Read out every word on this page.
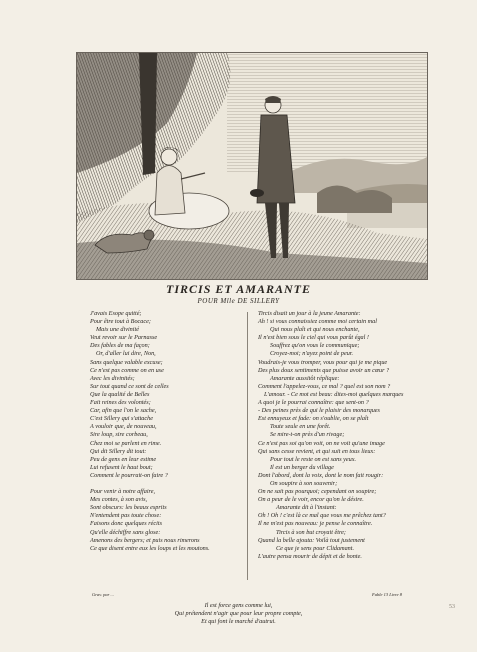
TIRCIS ET AMARANTE
POUR Mlle DE SILLERY
J'avais Esope quitté;
Pour être tout à Bocace;
Mais une divinité
Veut revoir sur le Parnasse
Des fables de ma façon;
Or, d'aller lui dire, Non,
Sans quelque valable excuse;
Ce n'est pas comme on en use
Avec les divinités;
Sur tout quand ce sont de celles
Que la qualité de Belles
Fait reines des volontés;
Car, afin que l'on le sache,
C'est Sillery qui s'attache
A vouloir que, de nouveau,
Sire loup, sire corbeau,
Chez moi se parlent en rime.
Qui dit Sillery dit tout:
Peu de gens en leur estime
Lui refusent le haut bout;
Comment le pourrait-on faire ?
Pour venir à notre affaire,
Mes contes, à son avis,
Sont obscurs: les beaux esprits
N'entendent pas toute chose:
Faisons donc quelques récits
Qu'elle déchiffre sans glose:
Amenons des bergers; et puis nous rimerons
Ce que disent entre eux les loups et les moutons.
Tircis disait un jour à la jeune Amarante:
Ah ! si vous connaissiez comme moi certain mal
Qui nous plaît et qui nous enchante,
Il n'est bien sous le ciel qui vous parût égal !
Souffrez qu'on vous le communique;
Croyez-moi; n'ayez point de peur.
Voudrais-je vous tromper, vous pour qui je me pique
Des plus doux sentiments que puisse avoir un cœur ?
Amarante aussitôt réplique:
Comment l'appelez-vous, ce mal ? quel est son nom ?
L'amour. - Ce mot est beau: dites-moi quelques marques
A quoi je le pourrai connaître: que sent-on ?
- Des peines près de qui le plaisir des monarques
Est ennuyeux et fade: on s'oublie, on se plaît
Toute seule en une forêt.
Se mire-t-on près d'un rivage;
Ce n'est pas soi qu'on voit, on ne voit qu'une image
Qui sans cesse revient, et qui suit en tous lieux:
Pour tout le reste on est sans yeux.
Il est un berger du village
Dont l'abord, dont la voix, dont le nom fait rougir:
On soupire à son souvenir;
On ne sait pas pourquoi; cependant on soupire;
On a peur de le voir, encor qu'on le désire.
Amarante dit à l'instant:
Oh ! Oh ! c'est là ce mal que vous me prêchez tant?
Il ne m'est pas nouveau: je pense le connaître.
Tircis à son but croyait être;
Quand la belle ajouta: Voilà tout justement
Ce que je sens pour Clidamant.
L'autre pensa mourir de dépit et de honte.
Grav. par ...	Fable 13 Livre 8
Il est force gens comme lui,
Qui prétendent n'agir que pour leur propre compte,
Et qui font le marché d'autrui.
53
